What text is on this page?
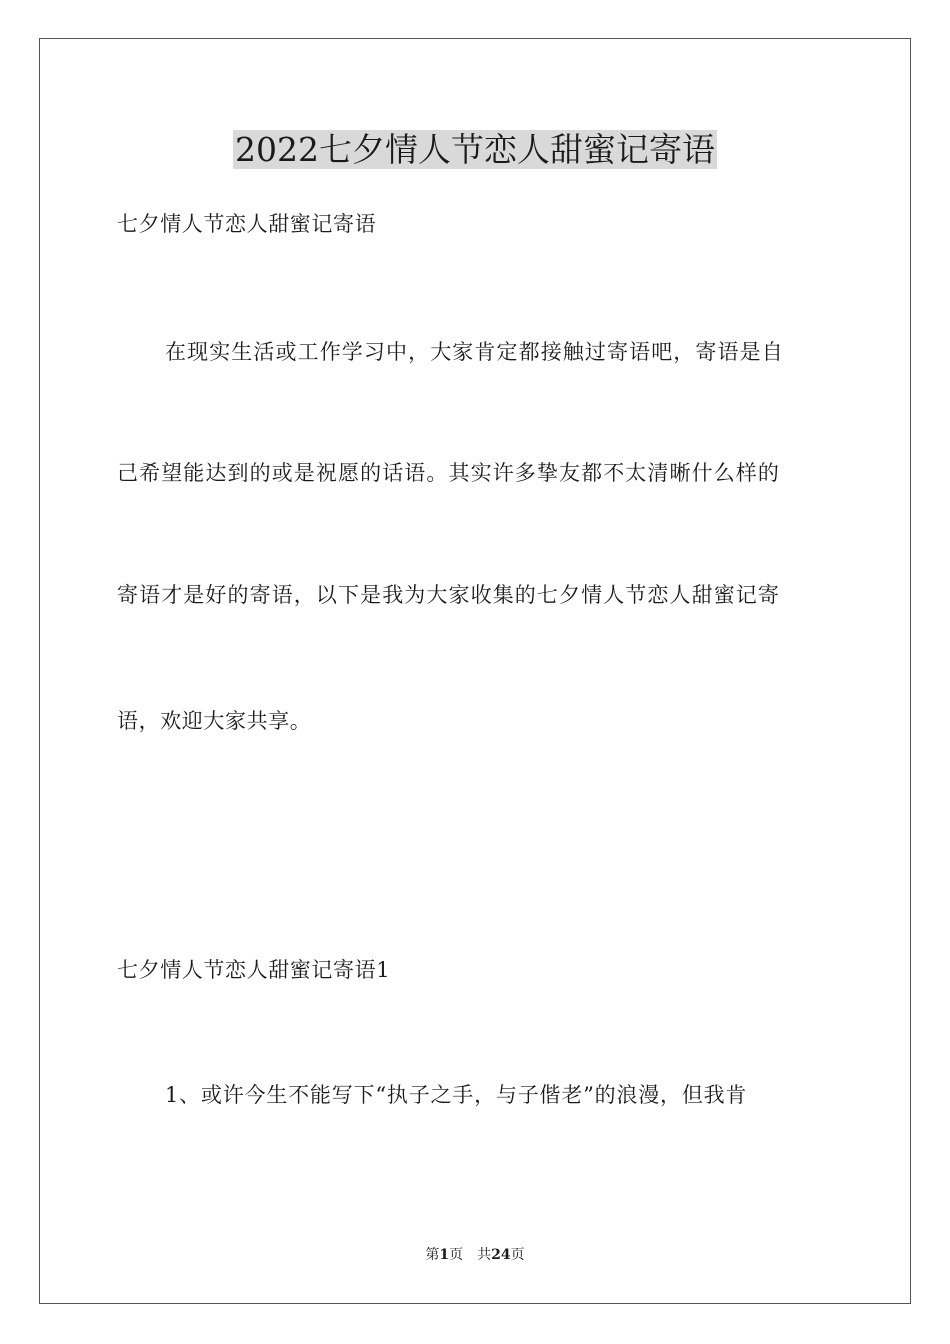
2022七夕情人节恋人甜蜜记寄语
七夕情人节恋人甜蜜记寄语
在现实生活或工作学习中，大家肯定都接触过寄语吧，寄语是自
己希望能达到的或是祝愿的话语。其实许多挚友都不太清晰什么样的
寄语才是好的寄语，以下是我为大家收集的七夕情人节恋人甜蜜记寄
语，欢迎大家共享。
七夕情人节恋人甜蜜记寄语1
1、或许今生不能写下“执子之手，与子偕老”的浪漫，但我肯
第1页 共24页
